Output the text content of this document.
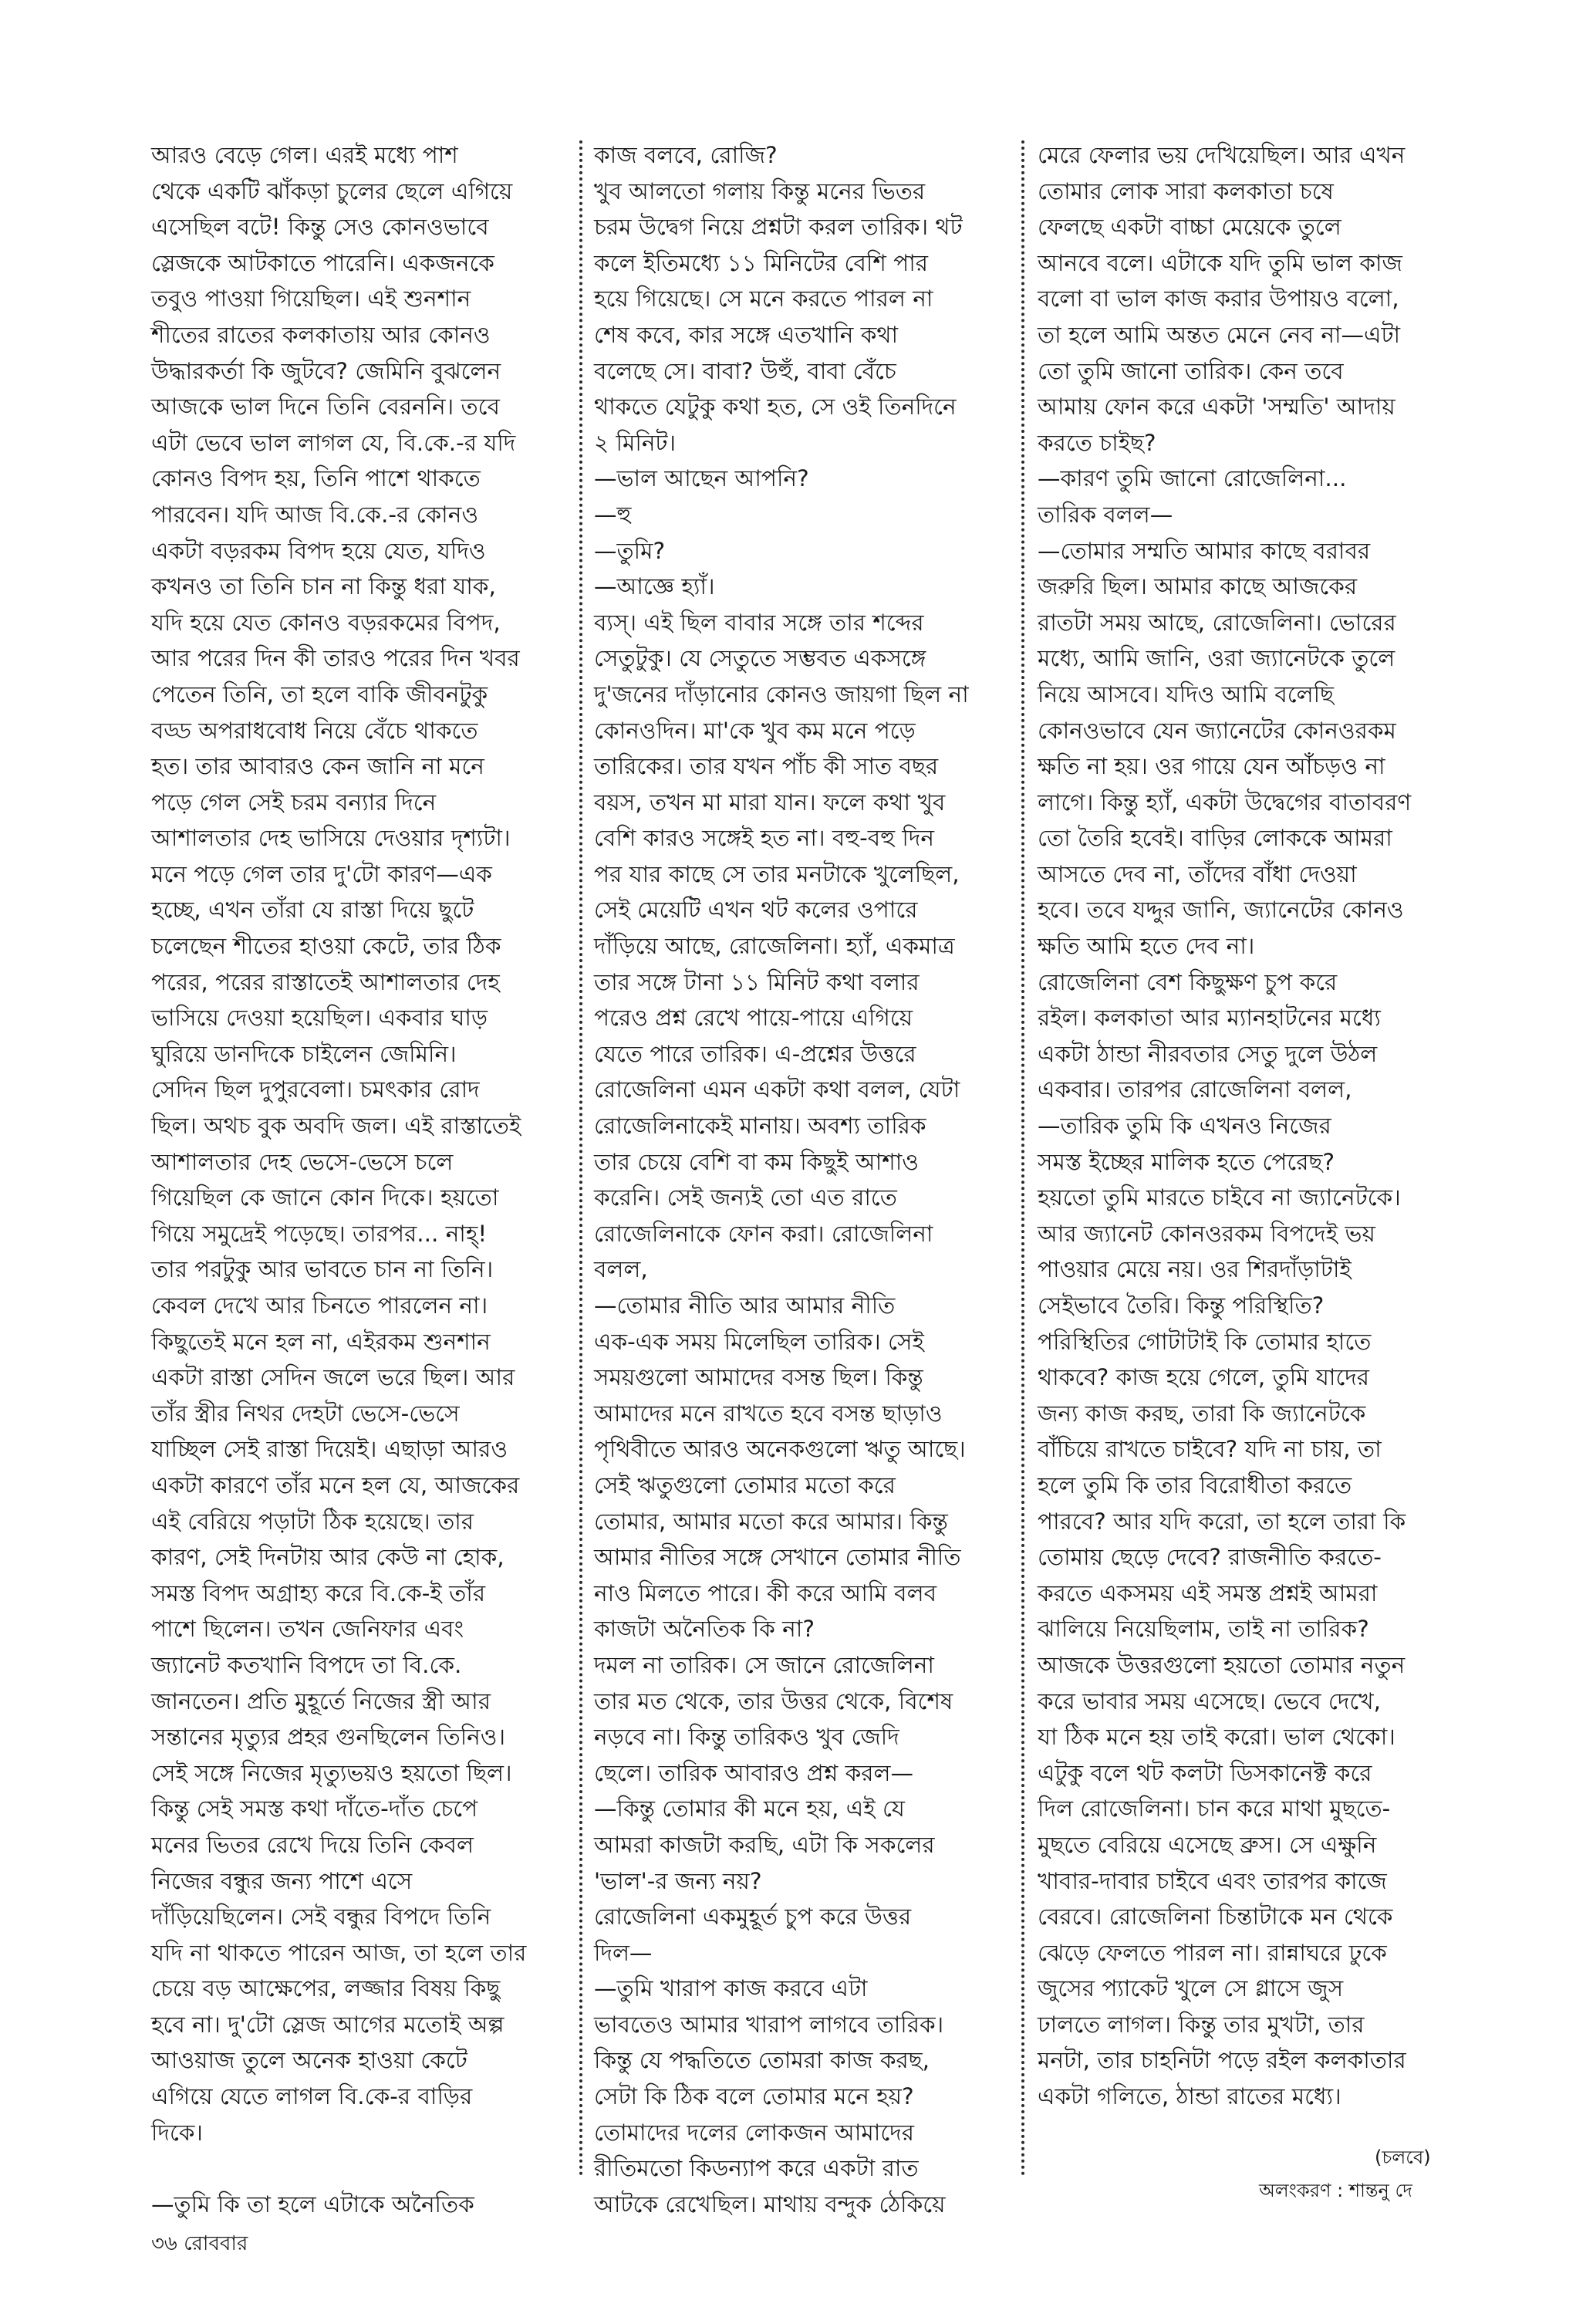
আরও বেড়ে গেল। এরই মধ্যে পাশ
থেকে একটি ঝাঁকড়া চুলের ছেলে এগিয়ে
এসেছিল বটে! কিন্তু সেও কোনওভাবে
স্লেজকে আটকাতে পারেনি। একজনকে
তবুও পাওয়া গিয়েছিল। এই শুনশান
শীতের রাতের কলকাতায় আর কোনও
উদ্ধারকর্তা কি জুটবে? জেমিনি বুঝলেন
আজকে ভাল দিনে তিনি বেরননি। তবে
এটা ভেবে ভাল লাগল যে, বি.কে.-র যদি
কোনও বিপদ হয়, তিনি পাশে থাকতে
পারবেন। যদি আজ বি.কে.-র কোনও
একটা বড়রকম বিপদ হয়ে যেত, যদিও
কখনও তা তিনি চান না কিন্তু ধরা যাক,
যদি হয়ে যেত কোনও বড়রকমের বিপদ,
আর পরের দিন কী তারও পরের দিন খবর
পেতেন তিনি, তা হলে বাকি জীবনটুকু
বড্ড অপরাধবোধ নিয়ে বেঁচে থাকতে
হত। তার আবারও কেন জানি না মনে
পড়ে গেল সেই চরম বন্যার দিনে
আশালতার দেহ ভাসিয়ে দেওয়ার দৃশ্যটা।
মনে পড়ে গেল তার দু'টো কারণ—এক
হচ্ছে, এখন তাঁরা যে রাস্তা দিয়ে ছুটে
চলেছেন শীতের হাওয়া কেটে, তার ঠিক
পরের, পরের রাস্তাতেই আশালতার দেহ
ভাসিয়ে দেওয়া হয়েছিল। একবার ঘাড়
ঘুরিয়ে ডানদিকে চাইলেন জেমিনি।
সেদিন ছিল দুপুরবেলা। চমৎকার রোদ
ছিল। অথচ বুক অবদি জল। এই রাস্তাতেই
আশালতার দেহ ভেসে-ভেসে চলে
গিয়েছিল কে জানে কোন দিকে। হয়তো
গিয়ে সমুদ্রেই পড়েছে। তারপর... নাহ্!
তার পরটুকু আর ভাবতে চান না তিনি।
কেবল দেখে আর চিনতে পারলেন না।
কিছুতেই মনে হল না, এইরকম শুনশান
একটা রাস্তা সেদিন জলে ভরে ছিল। আর
তাঁর স্ত্রীর নিথর দেহটা ভেসে-ভেসে
যাচ্ছিল সেই রাস্তা দিয়েই। এছাড়া আরও
একটা কারণে তাঁর মনে হল যে, আজকের
এই বেরিয়ে পড়াটা ঠিক হয়েছে। তার
কারণ, সেই দিনটায় আর কেউ না হোক,
সমস্ত বিপদ অগ্রাহ্য করে বি.কে-ই তাঁর
পাশে ছিলেন। তখন জেনিফার এবং
জ্যানেট কতখানি বিপদে তা বি.কে.
জানতেন। প্রতি মুহূর্তে নিজের স্ত্রী আর
সন্তানের মৃত্যুর প্রহর গুনছিলেন তিনিও।
সেই সঙ্গে নিজের মৃত্যুভয়ও হয়তো ছিল।
কিন্তু সেই সমস্ত কথা দাঁতে-দাঁত চেপে
মনের ভিতর রেখে দিয়ে তিনি কেবল
নিজের বন্ধুর জন্য পাশে এসে
দাঁড়িয়েছিলেন। সেই বন্ধুর বিপদে তিনি
যদি না থাকতে পারেন আজ, তা হলে তার
চেয়ে বড় আক্ষেপের, লজ্জার বিষয় কিছু
হবে না। দু'টো স্লেজ আগের মতোই অল্প
আওয়াজ তুলে অনেক হাওয়া কেটে
এগিয়ে যেতে লাগল বি.কে-র বাড়ির
দিকে।
—তুমি কি তা হলে এটাকে অনৈতিক
কাজ বলবে, রোজি?
খুব আলতো গলায় কিন্তু মনের ভিতর
চরম উদ্বেগ নিয়ে প্রশ্নটা করল তারিক। থট
কলে ইতিমধ্যে ১১ মিনিটের বেশি পার
হয়ে গিয়েছে। সে মনে করতে পারল না
শেষ কবে, কার সঙ্গে এতখানি কথা
বলেছে সে। বাবা? উহুঁ, বাবা বেঁচে
থাকতে যেটুকু কথা হত, সে ওই তিনদিনে
২ মিনিট।
—ভাল আছেন আপনি?
—হু
—তুমি?
—আজ্ঞে হ্যাঁ।
ব্যস্। এই ছিল বাবার সঙ্গে তার শব্দের
সেতুটুকু। যে সেতুতে সম্ভবত একসঙ্গে
দু'জনের দাঁড়ানোর কোনও জায়গা ছিল না
কোনওদিন। মা'কে খুব কম মনে পড়ে
তারিকের। তার যখন পাঁচ কী সাত বছর
বয়স, তখন মা মারা যান। ফলে কথা খুব
বেশি কারও সঙ্গেই হত না। বহু-বহু দিন
পর যার কাছে সে তার মনটাকে খুলেছিল,
সেই মেয়েটি এখন থট কলের ওপারে
দাঁড়িয়ে আছে, রোজেলিনা। হ্যাঁ, একমাত্র
তার সঙ্গে টানা ১১ মিনিট কথা বলার
পরেও প্রশ্ন রেখে পায়ে-পায়ে এগিয়ে
যেতে পারে তারিক। এ-প্রশ্নের উত্তরে
রোজেলিনা এমন একটা কথা বলল, যেটা
রোজেলিনাকেই মানায়। অবশ্য তারিক
তার চেয়ে বেশি বা কম কিছুই আশাও
করেনি। সেই জন্যই তো এত রাতে
রোজেলিনাকে ফোন করা। রোজেলিনা
বলল,
—তোমার নীতি আর আমার নীতি
এক-এক সময় মিলেছিল তারিক। সেই
সময়গুলো আমাদের বসন্ত ছিল। কিন্তু
আমাদের মনে রাখতে হবে বসন্ত ছাড়াও
পৃথিবীতে আরও অনেকগুলো ঋতু আছে।
সেই ঋতুগুলো তোমার মতো করে
তোমার, আমার মতো করে আমার। কিন্তু
আমার নীতির সঙ্গে সেখানে তোমার নীতি
নাও মিলতে পারে। কী করে আমি বলব
কাজটা অনৈতিক কি না?
দমল না তারিক। সে জানে রোজেলিনা
তার মত থেকে, তার উত্তর থেকে, বিশেষ
নড়বে না। কিন্তু তারিকও খুব জেদি
ছেলে। তারিক আবারও প্রশ্ন করল—
—কিন্তু তোমার কী মনে হয়, এই যে
আমরা কাজটা করছি, এটা কি সকলের
'ভাল'-র জন্য নয়?
রোজেলিনা একমুহূর্ত চুপ করে উত্তর
দিল—
—তুমি খারাপ কাজ করবে এটা
ভাবতেও আমার খারাপ লাগবে তারিক।
কিন্তু যে পদ্ধতিতে তোমরা কাজ করছ,
সেটা কি ঠিক বলে তোমার মনে হয়?
তোমাদের দলের লোকজন আমাদের
রীতিমতো কিডন্যাপ করে একটা রাত
আটকে রেখেছিল। মাথায় বন্দুক ঠেকিয়ে
মেরে ফেলার ভয় দেখিয়েছিল। আর এখন
তোমার লোক সারা কলকাতা চষে
ফেলছে একটা বাচ্চা মেয়েকে তুলে
আনবে বলে। এটাকে যদি তুমি ভাল কাজ
বলো বা ভাল কাজ করার উপায়ও বলো,
তা হলে আমি অন্তত মেনে নেব না—এটা
তো তুমি জানো তারিক। কেন তবে
আমায় ফোন করে একটা 'সম্মতি' আদায়
করতে চাইছ?
—কারণ তুমি জানো রোজেলিনা...
তারিক বলল—
—তোমার সম্মতি আমার কাছে বরাবর
জরুরি ছিল। আমার কাছে আজকের
রাতটা সময় আছে, রোজেলিনা। ভোরের
মধ্যে, আমি জানি, ওরা জ্যানেটকে তুলে
নিয়ে আসবে। যদিও আমি বলেছি
কোনওভাবে যেন জ্যানেটের কোনওরকম
ক্ষতি না হয়। ওর গায়ে যেন আঁচড়ও না
লাগে। কিন্তু হ্যাঁ, একটা উদ্বেগের বাতাবরণ
তো তৈরি হবেই। বাড়ির লোককে আমরা
আসতে দেব না, তাঁদের বাঁধা দেওয়া
হবে। তবে যদ্দুর জানি, জ্যানেটের কোনও
ক্ষতি আমি হতে দেব না।
রোজেলিনা বেশ কিছুক্ষণ চুপ করে
রইল। কলকাতা আর ম্যানহাটনের মধ্যে
একটা ঠান্ডা নীরবতার সেতু দুলে উঠল
একবার। তারপর রোজেলিনা বলল,
—তারিক তুমি কি এখনও নিজের
সমস্ত ইচ্ছের মালিক হতে পেরেছ?
হয়তো তুমি মারতে চাইবে না জ্যানেটকে।
আর জ্যানেট কোনওরকম বিপদেই ভয়
পাওয়ার মেয়ে নয়। ওর শিরদাঁড়াটাই
সেইভাবে তৈরি। কিন্তু পরিস্থিতি?
পরিস্থিতির গোটাটাই কি তোমার হাতে
থাকবে? কাজ হয়ে গেলে, তুমি যাদের
জন্য কাজ করছ, তারা কি জ্যানেটকে
বাঁচিয়ে রাখতে চাইবে? যদি না চায়, তা
হলে তুমি কি তার বিরোধীতা করতে
পারবে? আর যদি করো, তা হলে তারা কি
তোমায় ছেড়ে দেবে? রাজনীতি করতে-
করতে একসময় এই সমস্ত প্রশ্নই আমরা
ঝালিয়ে নিয়েছিলাম, তাই না তারিক?
আজকে উত্তরগুলো হয়তো তোমার নতুন
করে ভাবার সময় এসেছে। ভেবে দেখে,
যা ঠিক মনে হয় তাই করো। ভাল থেকো।
এটুকু বলে থট কলটা ডিসকানেক্ট করে
দিল রোজেলিনা। চান করে মাথা মুছতে-
মুছতে বেরিয়ে এসেছে ব্রুস। সে এক্ষুনি
খাবার-দাবার চাইবে এবং তারপর কাজে
বেরবে। রোজেলিনা চিন্তাটাকে মন থেকে
ঝেড়ে ফেলতে পারল না। রান্নাঘরে ঢুকে
জুসের প্যাকেট খুলে সে গ্লাসে জুস
ঢালতে লাগল। কিন্তু তার মুখটা, তার
মনটা, তার চাহনিটা পড়ে রইল কলকাতার
একটা গলিতে, ঠান্ডা রাতের মধ্যে।
(চলবে)
অলংকরণ : শান্তনু দে
৩৬ রোববার
